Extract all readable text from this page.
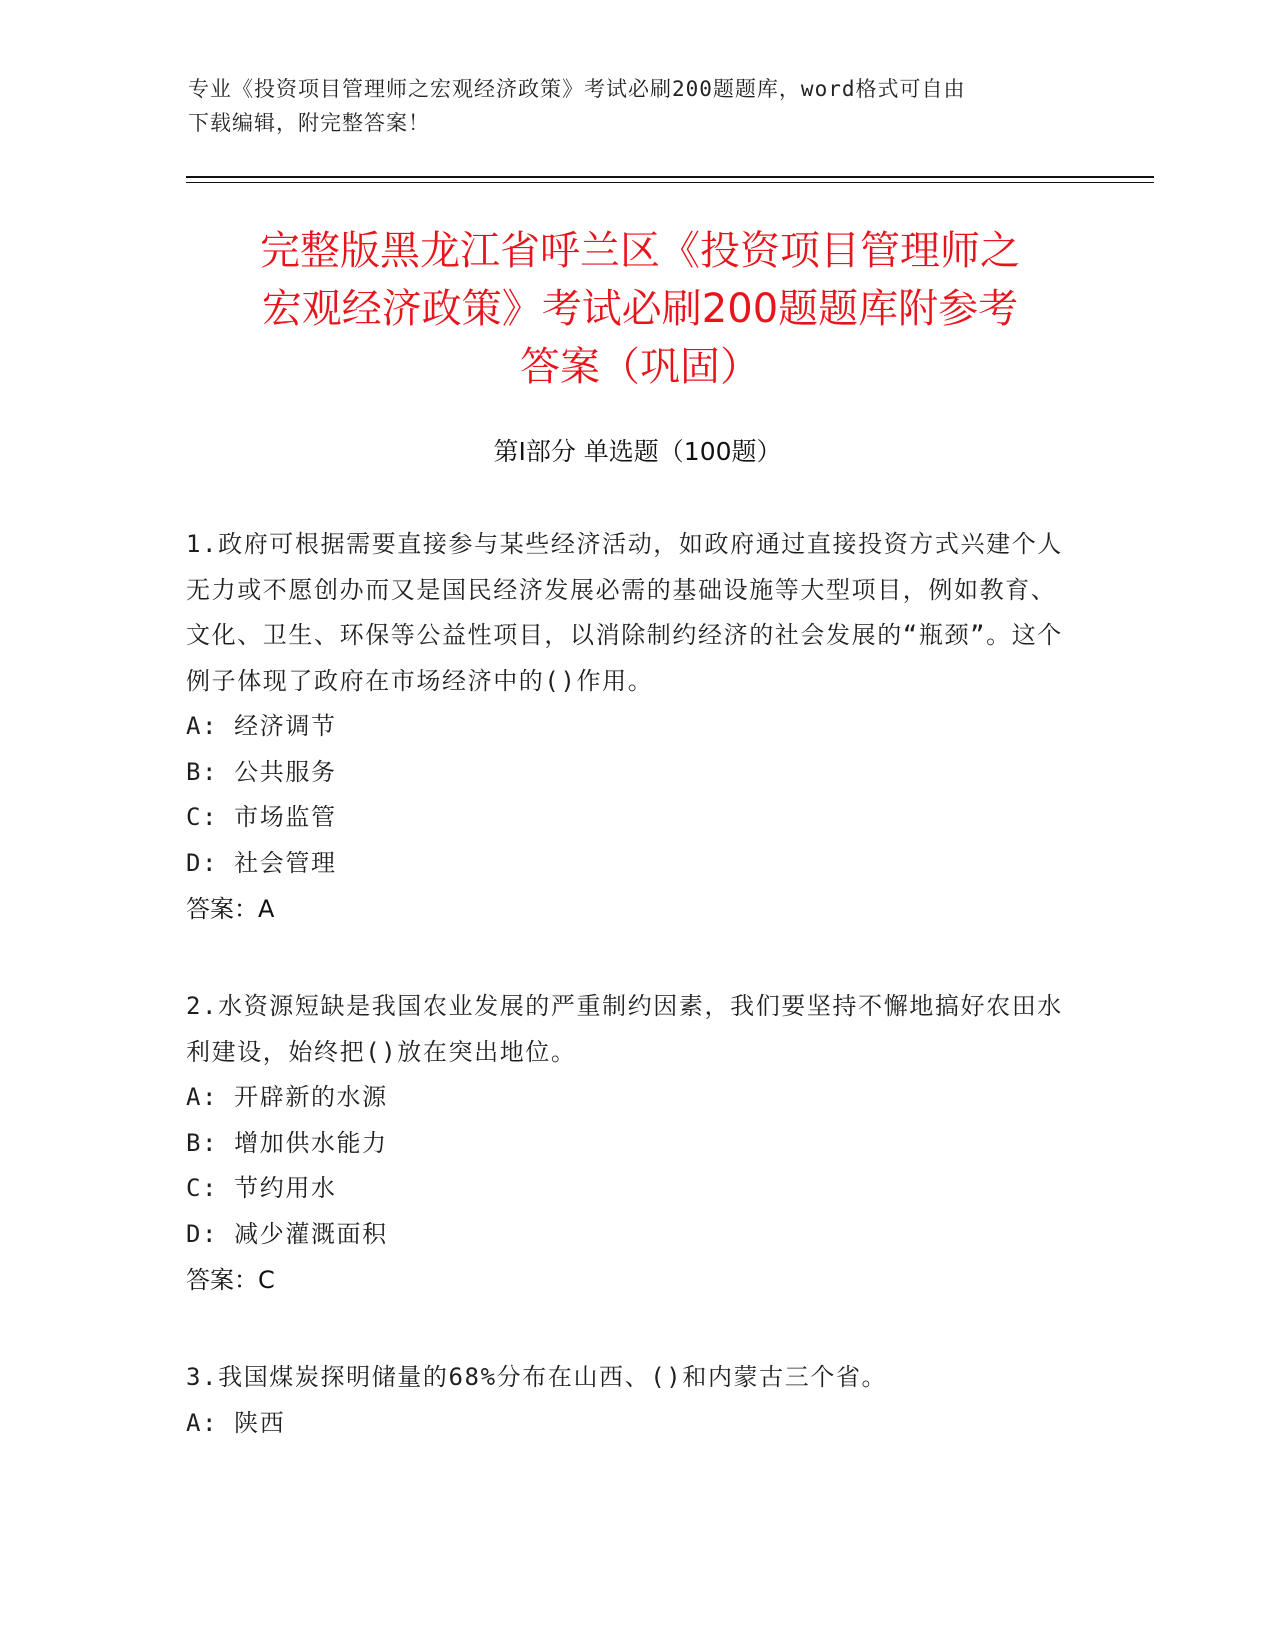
专业《投资项目管理师之宏观经济政策》考试必刷200题题库，word格式可自由
下载编辑，附完整答案！
完整版黑龙江省呼兰区《投资项目管理师之
宏观经济政策》考试必刷200题题库附参考
答案（巩固）
第Ⅰ部分 单选题（100题）

1.政府可根据需要直接参与某些经济活动，如政府通过直接投资方式兴建个人无力或不愿创办而又是国民经济发展必需的基础设施等大型项目，例如教育、文化、卫生、环保等公益性项目，以消除制约经济的社会发展的“瓶颈”。这个例子体现了政府在市场经济中的()作用。

A: 经济调节

B: 公共服务

C: 市场监管

D: 社会管理

答案：A

2.水资源短缺是我国农业发展的严重制约因素，我们要坚持不懈地搞好农田水利建设，始终把()放在突出地位。

A: 开辟新的水源

B: 增加供水能力

C: 节约用水

D: 减少灌溉面积

答案：C

3.我国煤炭探明储量的68%分布在山西、()和内蒙古三个省。

A: 陕西
